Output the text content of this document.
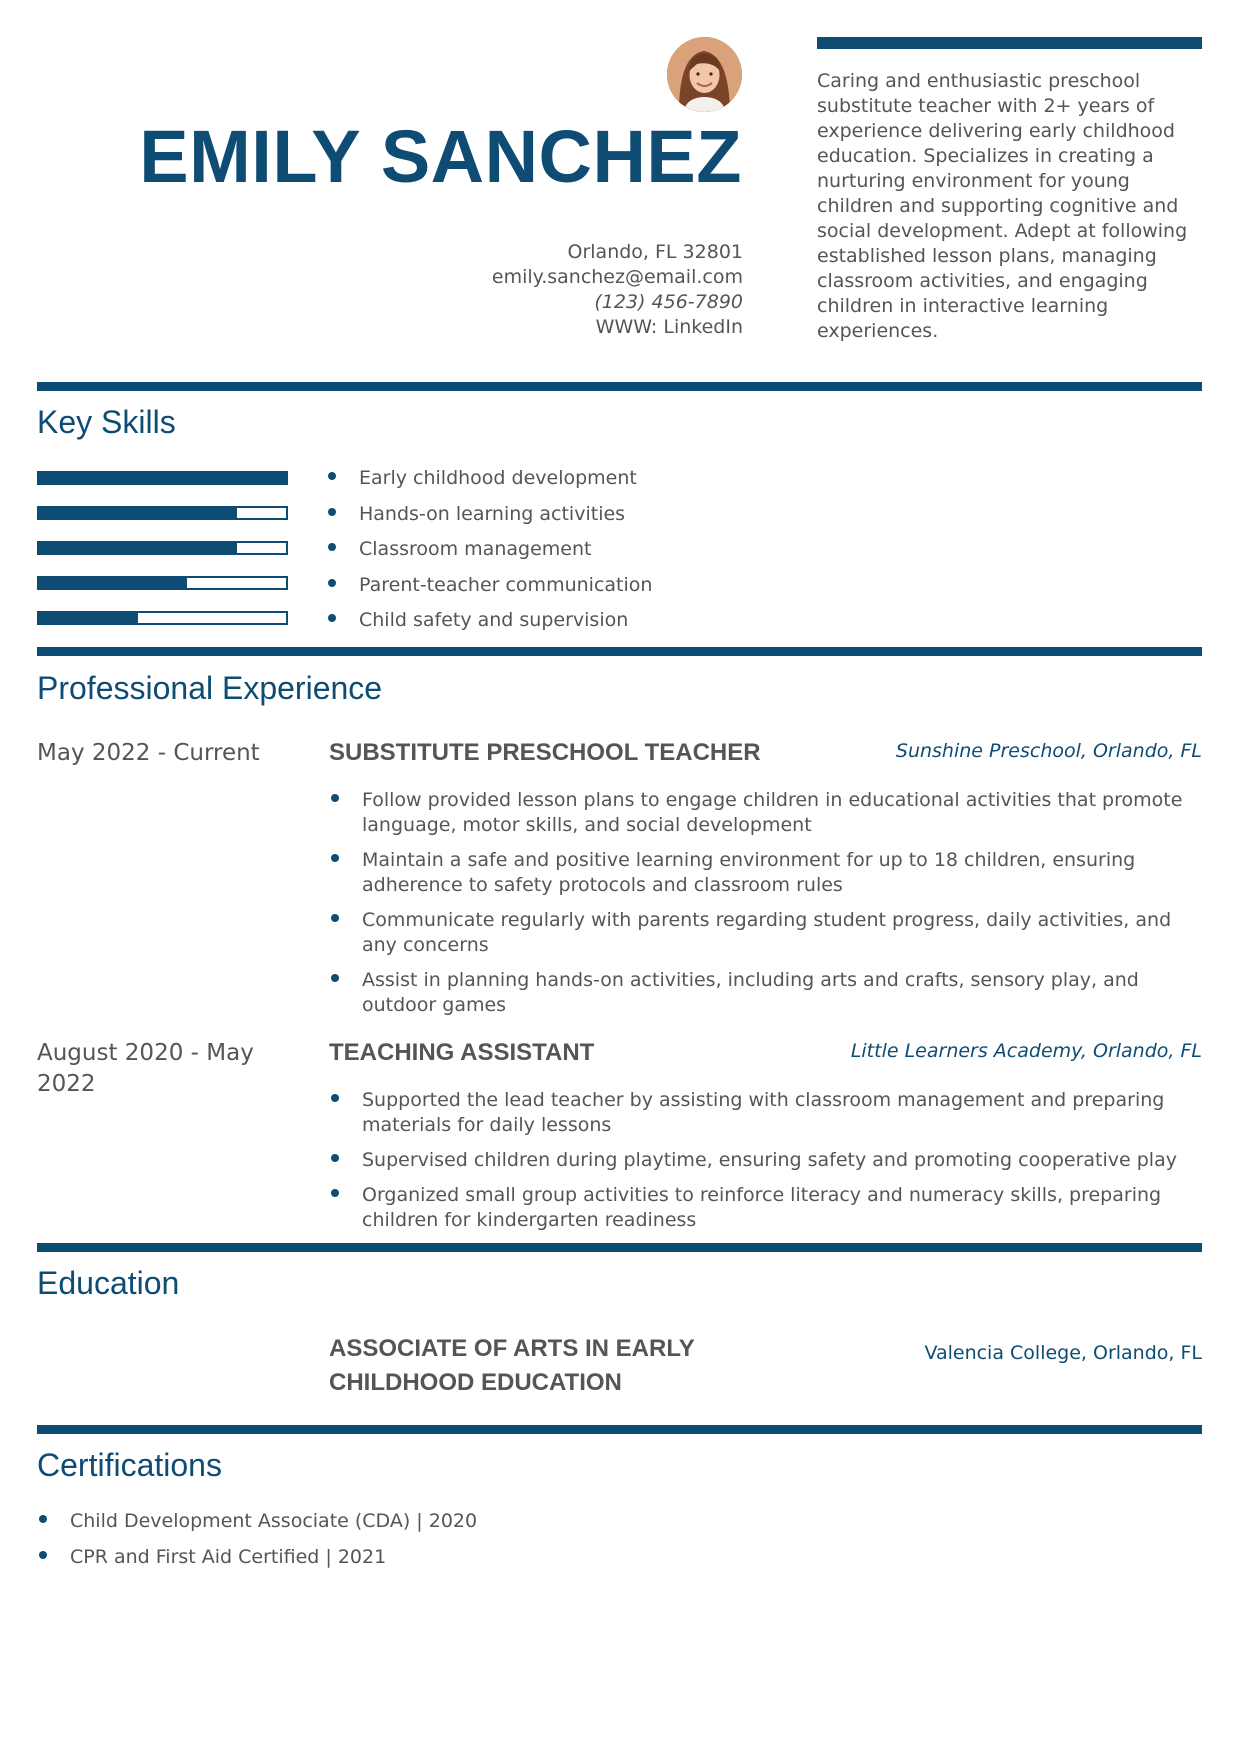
EMILY SANCHEZ
Orlando, FL 32801
emily.sanchez@email.com
(123) 456-7890
WWW: LinkedIn

Caring and enthusiastic preschool substitute teacher with 2+ years of experience delivering early childhood education. Specializes in creating a nurturing environment for young children and supporting cognitive and social development. Adept at following established lesson plans, managing classroom activities, and engaging children in interactive learning experiences.

Key Skills
Early childhood development
Hands-on learning activities
Classroom management
Parent-teacher communication
Child safety and supervision
Professional Experience
May 2022 - Current	SUBSTITUTE PRESCHOOL TEACHER	Sunshine Preschool, Orlando, FL
Follow provided lesson plans to engage children in educational activities that promote language, motor skills, and social development
Maintain a safe and positive learning environment for up to 18 children, ensuring adherence to safety protocols and classroom rules
Communicate regularly with parents regarding student progress, daily activities, and any concerns
Assist in planning hands-on activities, including arts and crafts, sensory play, and outdoor games
August 2020 - May 2022
TEACHING ASSISTANT	Little Learners Academy, Orlando, FL
Supported the lead teacher by assisting with classroom management and preparing materials for daily lessons
Supervised children during playtime, ensuring safety and promoting cooperative play
Organized small group activities to reinforce literacy and numeracy skills, preparing children for kindergarten readiness
Education

ASSOCIATE OF ARTS IN EARLY CHILDHOOD EDUCATION

Valencia College, Orlando, FL
Certifications
Child Development Associate (CDA) | 2020
CPR and First Aid Certified | 2021
